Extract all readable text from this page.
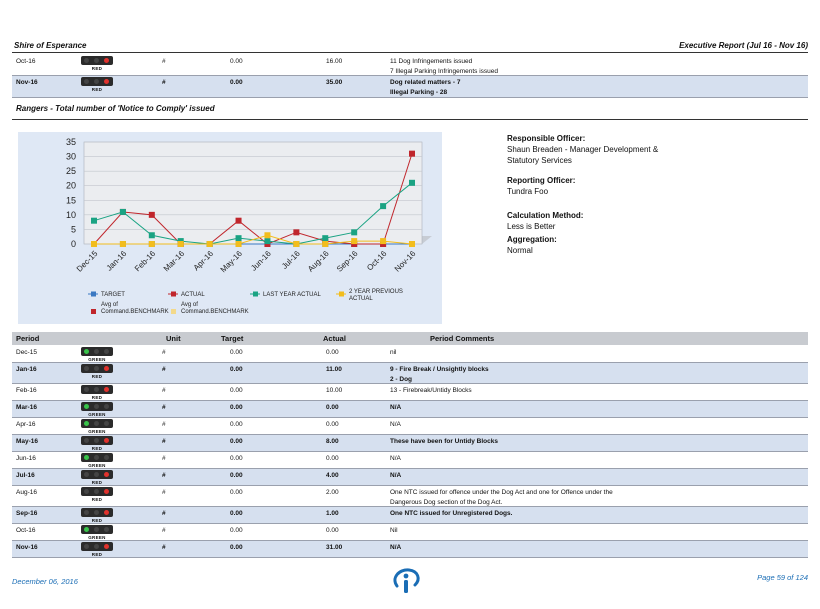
Shire of Esperance	Executive Report (Jul 16 - Nov 16)
Oct-16	#	0.00	16.00	11 Dog Infringements issued
7 Illegal Parking Infringements issued
RED
Nov-16	#	0.00	35.00	Dog related matters - 7
Illegal Parking - 28
RED
Rangers - Total number of 'Notice to Comply' issued
0
5
10
15
20
25
30
35
Dec-15 Jan-16 Feb-16 Mar-16 Apr-16 May-16 Jun-16 Jul-16 Aug-16 Sep-16 Oct-16 Nov-16
TARGET	ACTUAL	LAST YEAR ACTUAL	2 YEAR PREVIOUS
ACTUAL
Avg of
Command.BENCHMARK
Avg of
Command.BENCHMARK
Responsible Officer:
Shaun Breaden - Manager Development &
Statutory Services
Reporting Officer:
Tundra Foo
Calculation Method:
Less is Better
Aggregation:
Normal
Period	Unit	Target	Actual	Period Comments
Dec-15	#	0.00	0.00	nil
GREEN
Jan-16	#	0.00	11.00	9 - Fire Break / Unsightly blocks
2 - Dog
RED
Feb-16	#	0.00	10.00	13 - Firebreak/Untidy Blocks
RED
Mar-16	#	0.00	0.00	N/A
GREEN
Apr-16	#	0.00	0.00	N/A
GREEN
May-16	#	0.00	8.00	These have been for Untidy Blocks
RED
Jun-16	#	0.00	0.00	N/A
GREEN
Jul-16	#	0.00	4.00	N/A
RED
Aug-16	#	0.00	2.00	One NTC issued for offence under the Dog Act and one for Offence under the
Dangerous Dog section of the Dog Act.
RED
Sep-16	#	0.00	1.00	One NTC issued for Unregistered Dogs.
RED
Oct-16	#	0.00	0.00	Nil
GREEN
Nov-16	#	0.00	31.00	N/A
RED
December 06, 2016	Page 59 of 124
